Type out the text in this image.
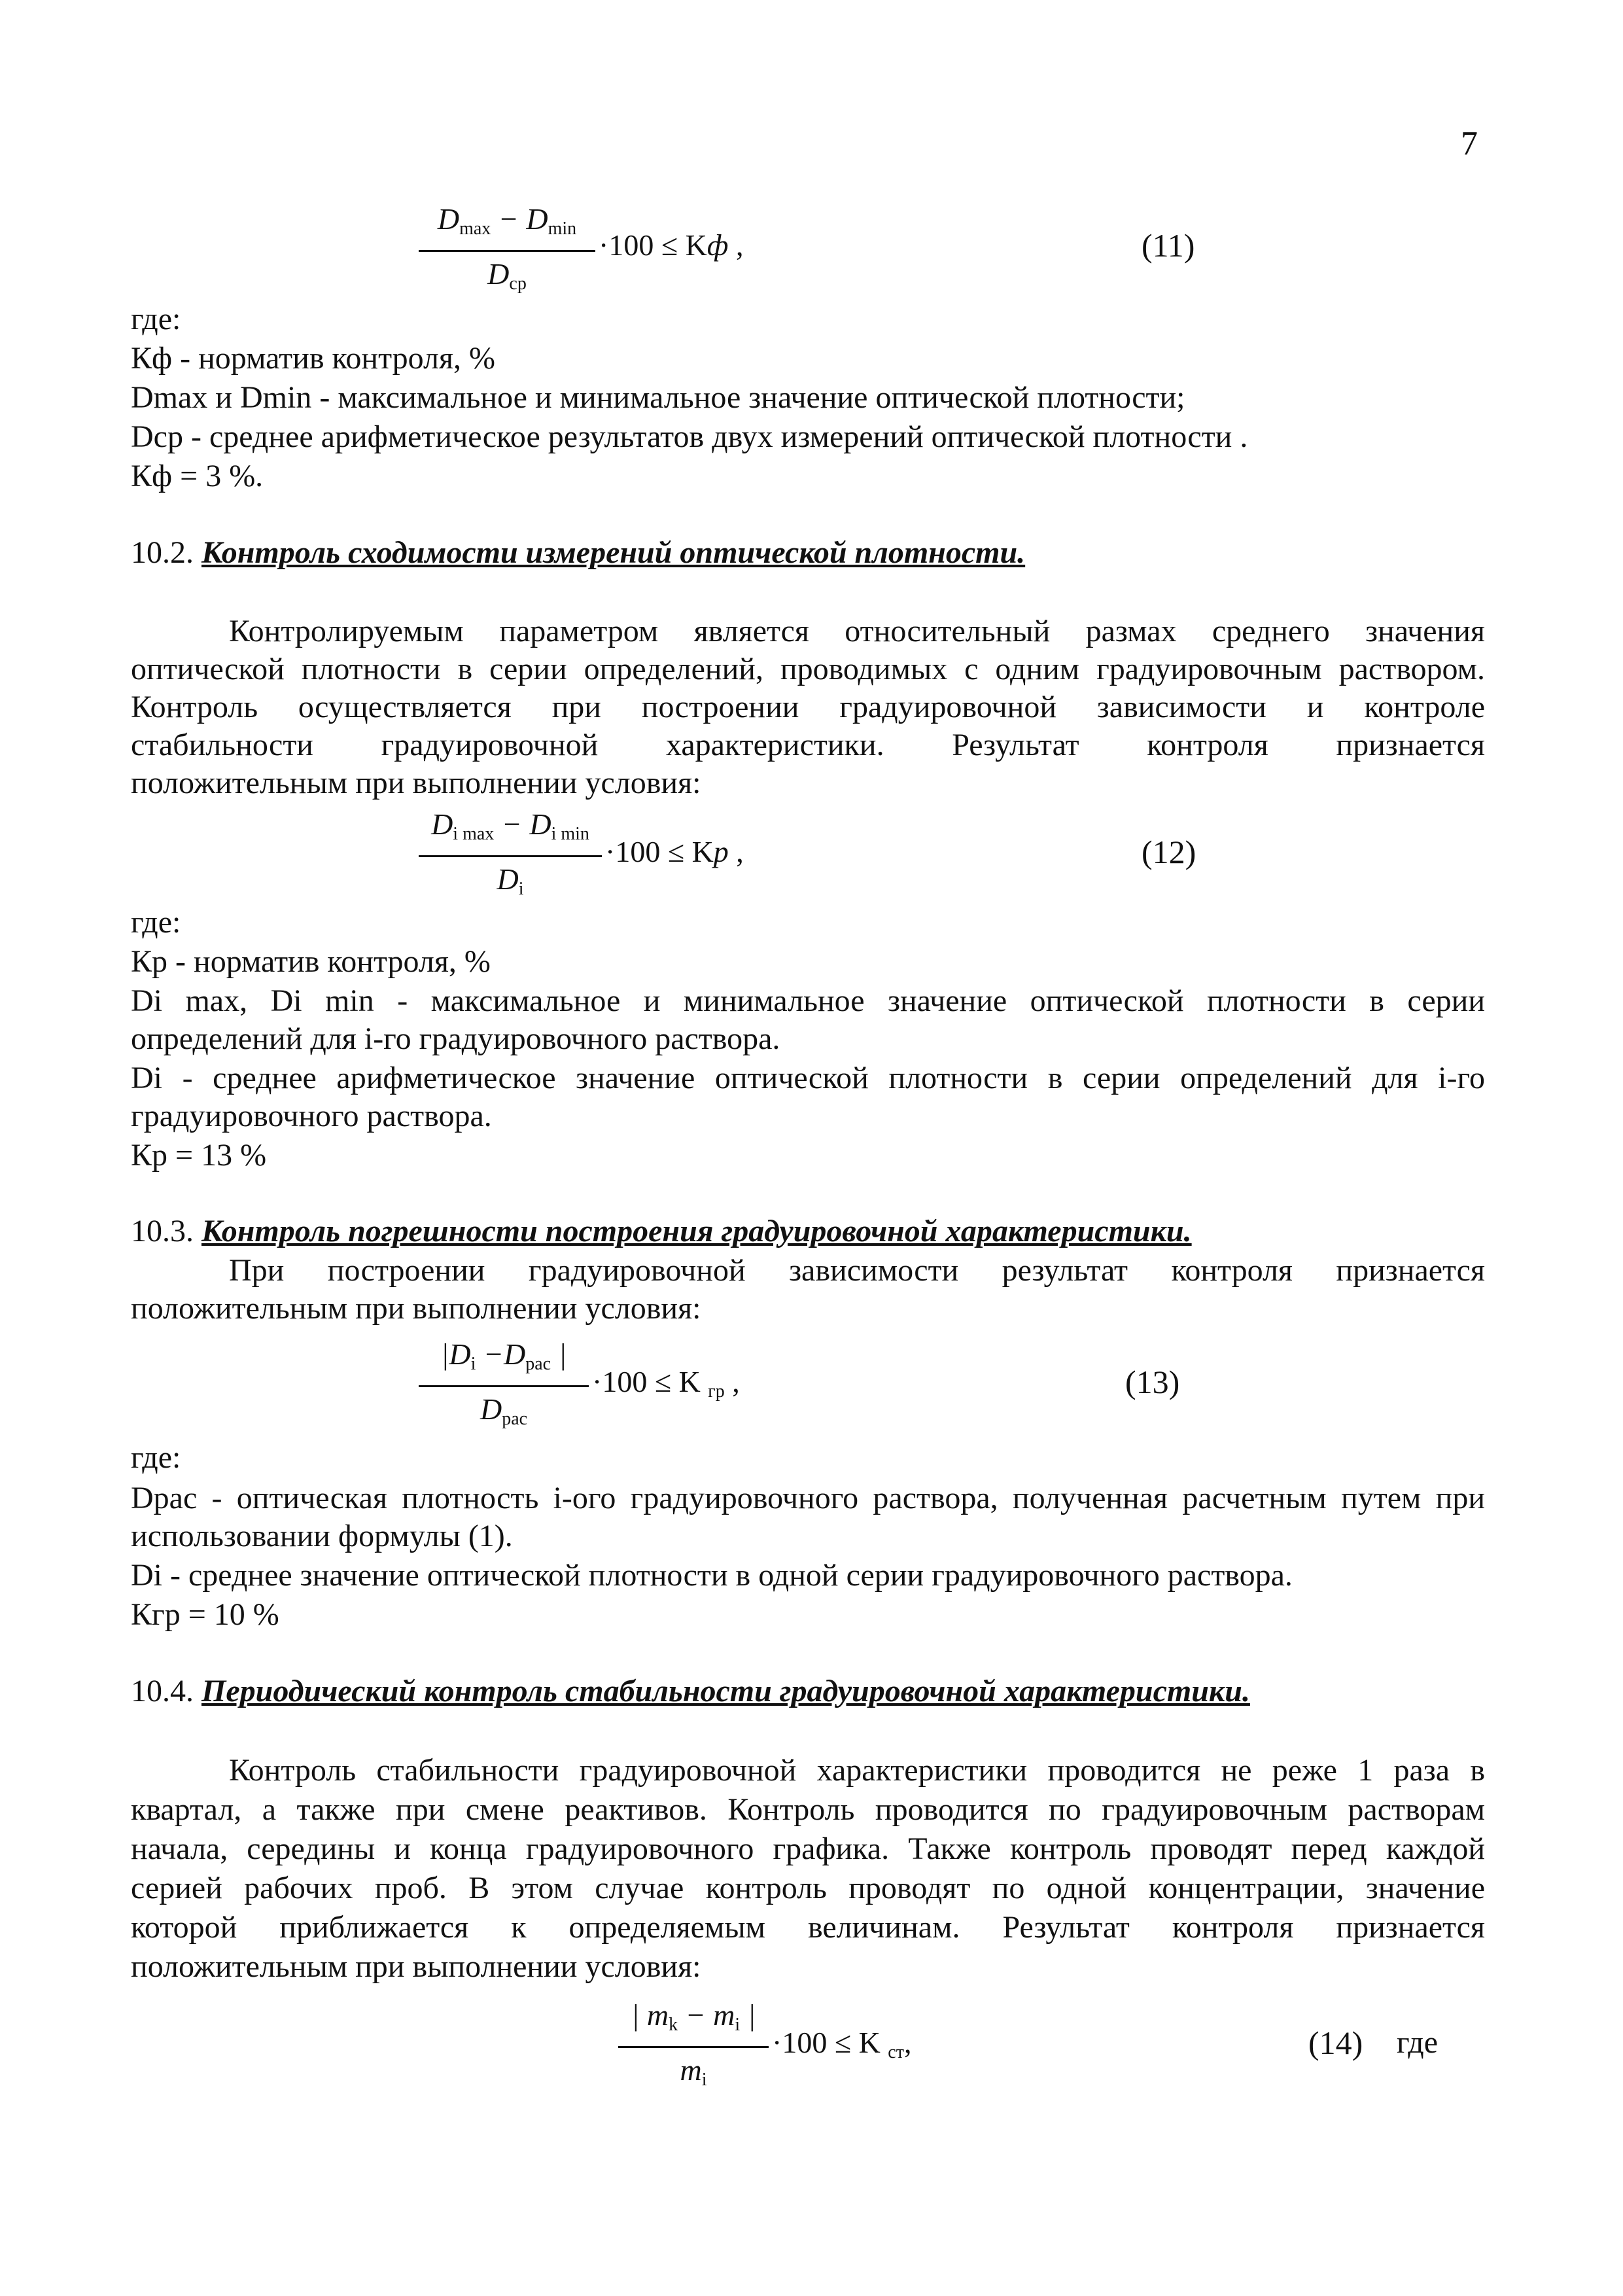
7
$D_{max} - D_{min}$
$D_{cp}$
·100 ≤ Kф ,	(11)
где:
Кф - норматив контроля, %
Dmax и Dmin - максимальное и минимальное значение оптической плотности;
Dср - среднее арифметическое результатов двух измерений оптической плотности .
Кф = 3 %.
10.2. Контроль сходимости измерений оптической плотности.
Контролируемым параметром является относительный размах среднего значения
оптической плотности в серии определений, проводимых с одним градуировочным раствором.
Контроль осуществляется при построении градуировочной зависимости и контроле
стабильности градуировочной характеристики. Результат контроля признается
положительным при выполнении условия:
$D_{i max} - D_{i min}$
$D_i$
·100 ≤ Kp ,	(12)
где:
Кр - норматив контроля, %
Di max, Di min - максимальное и минимальное значение оптической плотности в серии
определений для i-го градуировочного раствора.
Di - среднее арифметическое значение оптической плотности в серии определений для i-го
градуировочного раствора.
Кр = 13 %
10.3. Контроль погрешности построения градуировочной характеристики.
При построении градуировочной зависимости результат контроля признается
положительным при выполнении условия:
$|D_i -D_{рас}$ |
$D_{рас}$
·100 ≤ K $_{гр}$ ,	(13)
где:
Dрас - оптическая плотность i-ого градуировочного раствора, полученная расчетным путем при
использовании формулы (1).
Di - среднее значение оптической плотности в одной серии градуировочного раствора.
Кгр = 10 %
10.4. Периодический контроль стабильности градуировочной характеристики.
Контроль стабильности градуировочной характеристики проводится не реже 1 раза в
квартал, а также при смене реактивов. Контроль проводится по градуировочным растворам
начала, середины и конца градуировочного графика. Также контроль проводят перед каждой
серией рабочих проб. В этом случае контроль проводят по одной концентрации, значение
которой приближается к определяемым величинам. Результат контроля признается
положительным при выполнении условия:
| $m_k - m_i$ |
$m_i$
·100 ≤ K $_{ст}$,	(14) где
